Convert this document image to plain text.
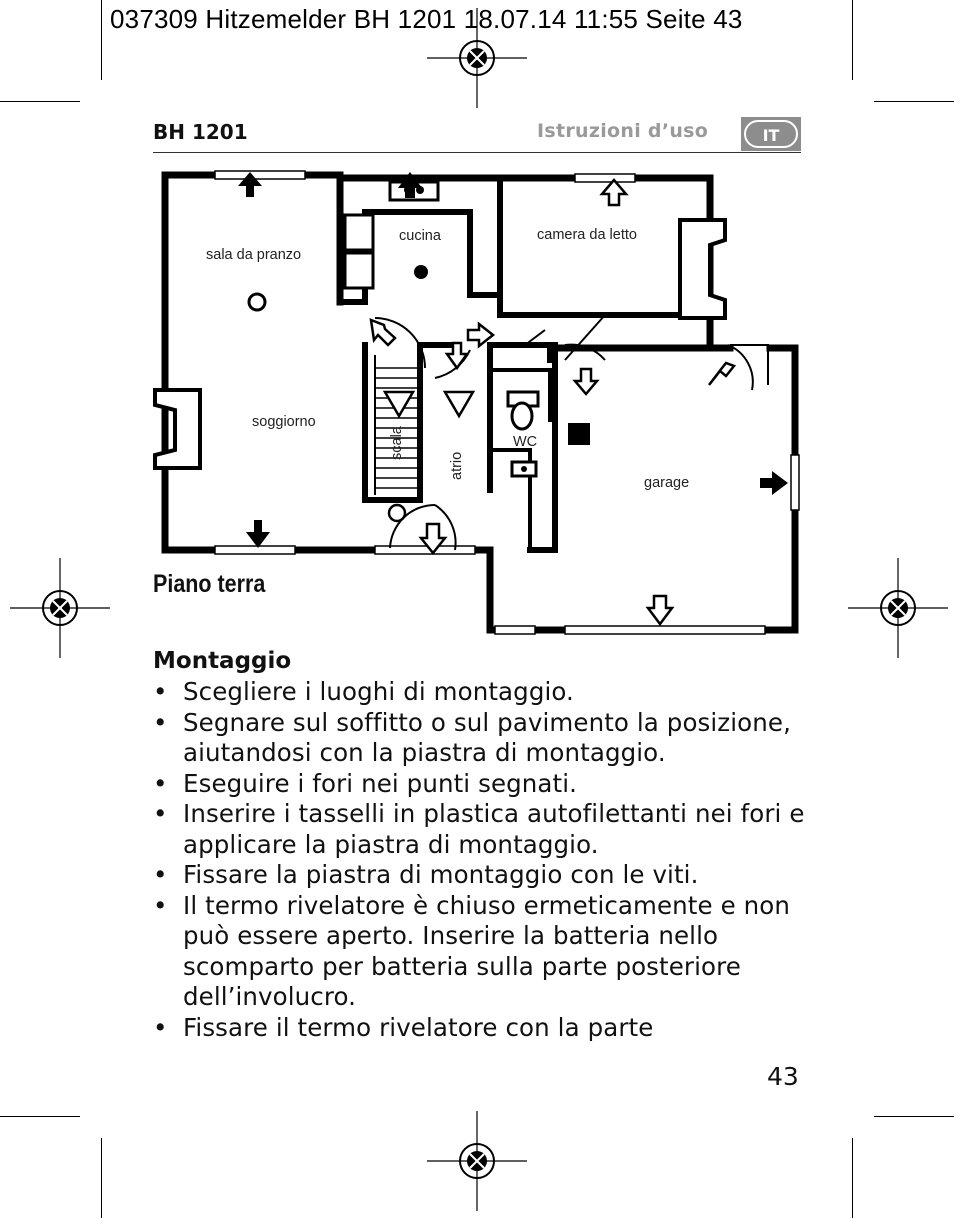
037309 Hitzemelder BH 1201 18.07.14 11:55 Seite 43
BH 1201	Istruzioni d’uso	IT
sala da pranzo
cucina	camera da letto
soggiorno
garage
WC
scala
atrio
Piano terra
Montaggio
• Scegliere i luoghi di montaggio.
• Segnare sul soffitto o sul pavimento la posizione, aiutandosi con la piastra di montaggio.
• Eseguire i fori nei punti segnati.
• Inserire i tasselli in plastica autofilettanti nei fori e applicare la piastra di montaggio.
• Fissare la piastra di montaggio con le viti.
• Il termo rivelatore è chiuso ermeticamente e non può essere aperto. Inserire la batteria nello scomparto per batteria sulla parte posteriore dell’involucro.
• Fissare il termo rivelatore con la parte
43
